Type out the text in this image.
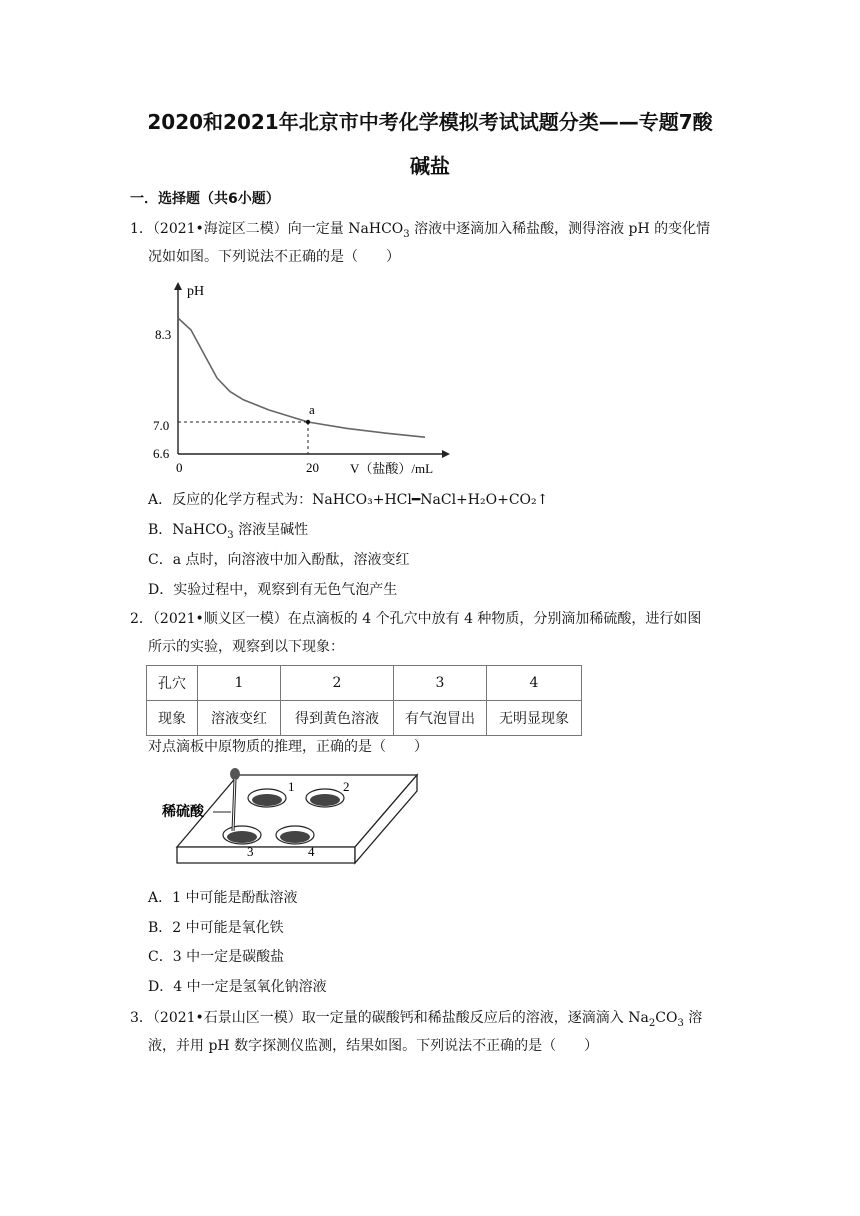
2020和2021年北京市中考化学模拟考试试题分类——专题7酸
碱盐
一．选择题（共6小题）
1．（2021•海淀区二模）向一定量 NaHCO$_3$ 溶液中逐滴加入稀盐酸，测得溶液 pH 的变化情
况如如图。下列说法不正确的是（　　）
pH
V（盐酸）/mL
8.3
7.0
6.6
0	20
a
A．反应的化学方程式为：NaHCO₃+HCl━NaCl+H₂O+CO₂↑
B．NaHCO$_3$ 溶液呈碱性
C．a 点时，向溶液中加入酚酞，溶液变红
D．实验过程中，观察到有无色气泡产生
2．（2021•顺义区一模）在点滴板的 4 个孔穴中放有 4 种物质，分别滴加稀硫酸，进行如图
所示的实验，观察到以下现象：
孔穴	1	2	3	4
现象	溶液变红	得到黄色溶液	有气泡冒出	无明显现象
对点滴板中原物质的推理，正确的是（　　）
稀硫酸
1	2
3	4
A．1 中可能是酚酞溶液
B．2 中可能是氧化铁
C．3 中一定是碳酸盐
D．4 中一定是氢氧化钠溶液
3．（2021•石景山区一模）取一定量的碳酸钙和稀盐酸反应后的溶液，逐滴滴入 $Na_2CO_3$ 溶
液，并用 pH 数字探测仪监测，结果如图。下列说法不正确的是（　　）
